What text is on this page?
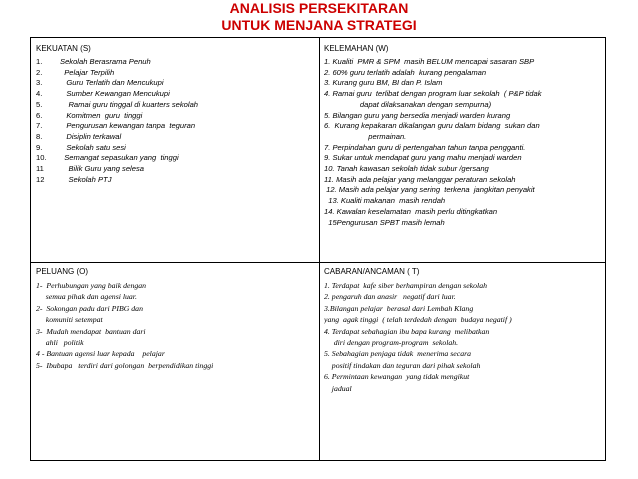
ANALISIS PERSEKITARAN
UNTUK MENJANA STRATEGI
KEKUATAN (S)
1.	Sekolah Berasrama Penuh
2.	Pelajar Terpilih
3.	Guru Terlatih dan Mencukupi
4.	Sumber Kewangan Mencukupi
5.	Ramai guru tinggal di kuarters sekolah
6.	Komitmen  guru  tinggi
7.	Pengurusan kewangan tanpa  teguran
8.	Disiplin terkawal
9.	Sekolah satu sesi
10.	Semangat sepasukan yang  tinggi
11	Bilik Guru yang selesa
12	Sekolah PTJ
KELEMAHAN (W)
1. Kualiti  PMR & SPM  masih BELUM mencapai sasaran SBP
2. 60% guru terlatih adalah  kurang pengalaman
3. Kurang guru BM, BI dan P. Islam
4. Ramai guru  terlibat dengan program luar sekolah  ( P&P tidak
dapat dilaksanakan dengan sempurna)
5. Bilangan guru yang bersedia menjadi warden kurang
6.  Kurang kepakaran dikalangan guru dalam bidang  sukan dan
permainan.
7. Perpindahan guru di pertengahan tahun tanpa pengganti.
9. Sukar untuk mendapat guru yang mahu menjadi warden
10. Tanah kawasan sekolah tidak subur /gersang
11. Masih ada pelajar yang melanggar peraturan sekolah
12. Masih ada pelajar yang sering  terkena  jangkitan penyakit
13. Kualiti makanan  masih rendah
14. Kawalan keselamatan  masih perlu ditingkatkan
15Pengurusan SPBT masih lemah
PELUANG (O)
1-  Perhubungan yang baik dengan
semua pihak dan agensi luar.
2-  Sokongan padu dari PIBG dan
komuniti setempat
3-  Mudah mendapat  bantuan dari
ahli   politik
4 - Bantuan agensi luar kepada    pelajar
5-  Ibubapa   terdiri dari golongan  berpendidikan tinggi
CABARAN/ANCAMAN ( T)
1. Terdapat  kafe siber berhampiran dengan sekolah
2. pengaruh dan anasir   negatif dari luar.
3.Bilangan pelajar  berasal dari Lembah Klang
yang  agak tinggi  ( telah terdedah dengan  budaya negatif )
4. Terdapat sebahagian ibu bapa kurang  melibatkan
diri dengan program-program  sekolah.
5. Sebahagian penjaga tidak  menerima secara
positif tindakan dan teguran dari pihak sekolah
6. Permintaan kewangan  yang tidak mengikut
jadual
